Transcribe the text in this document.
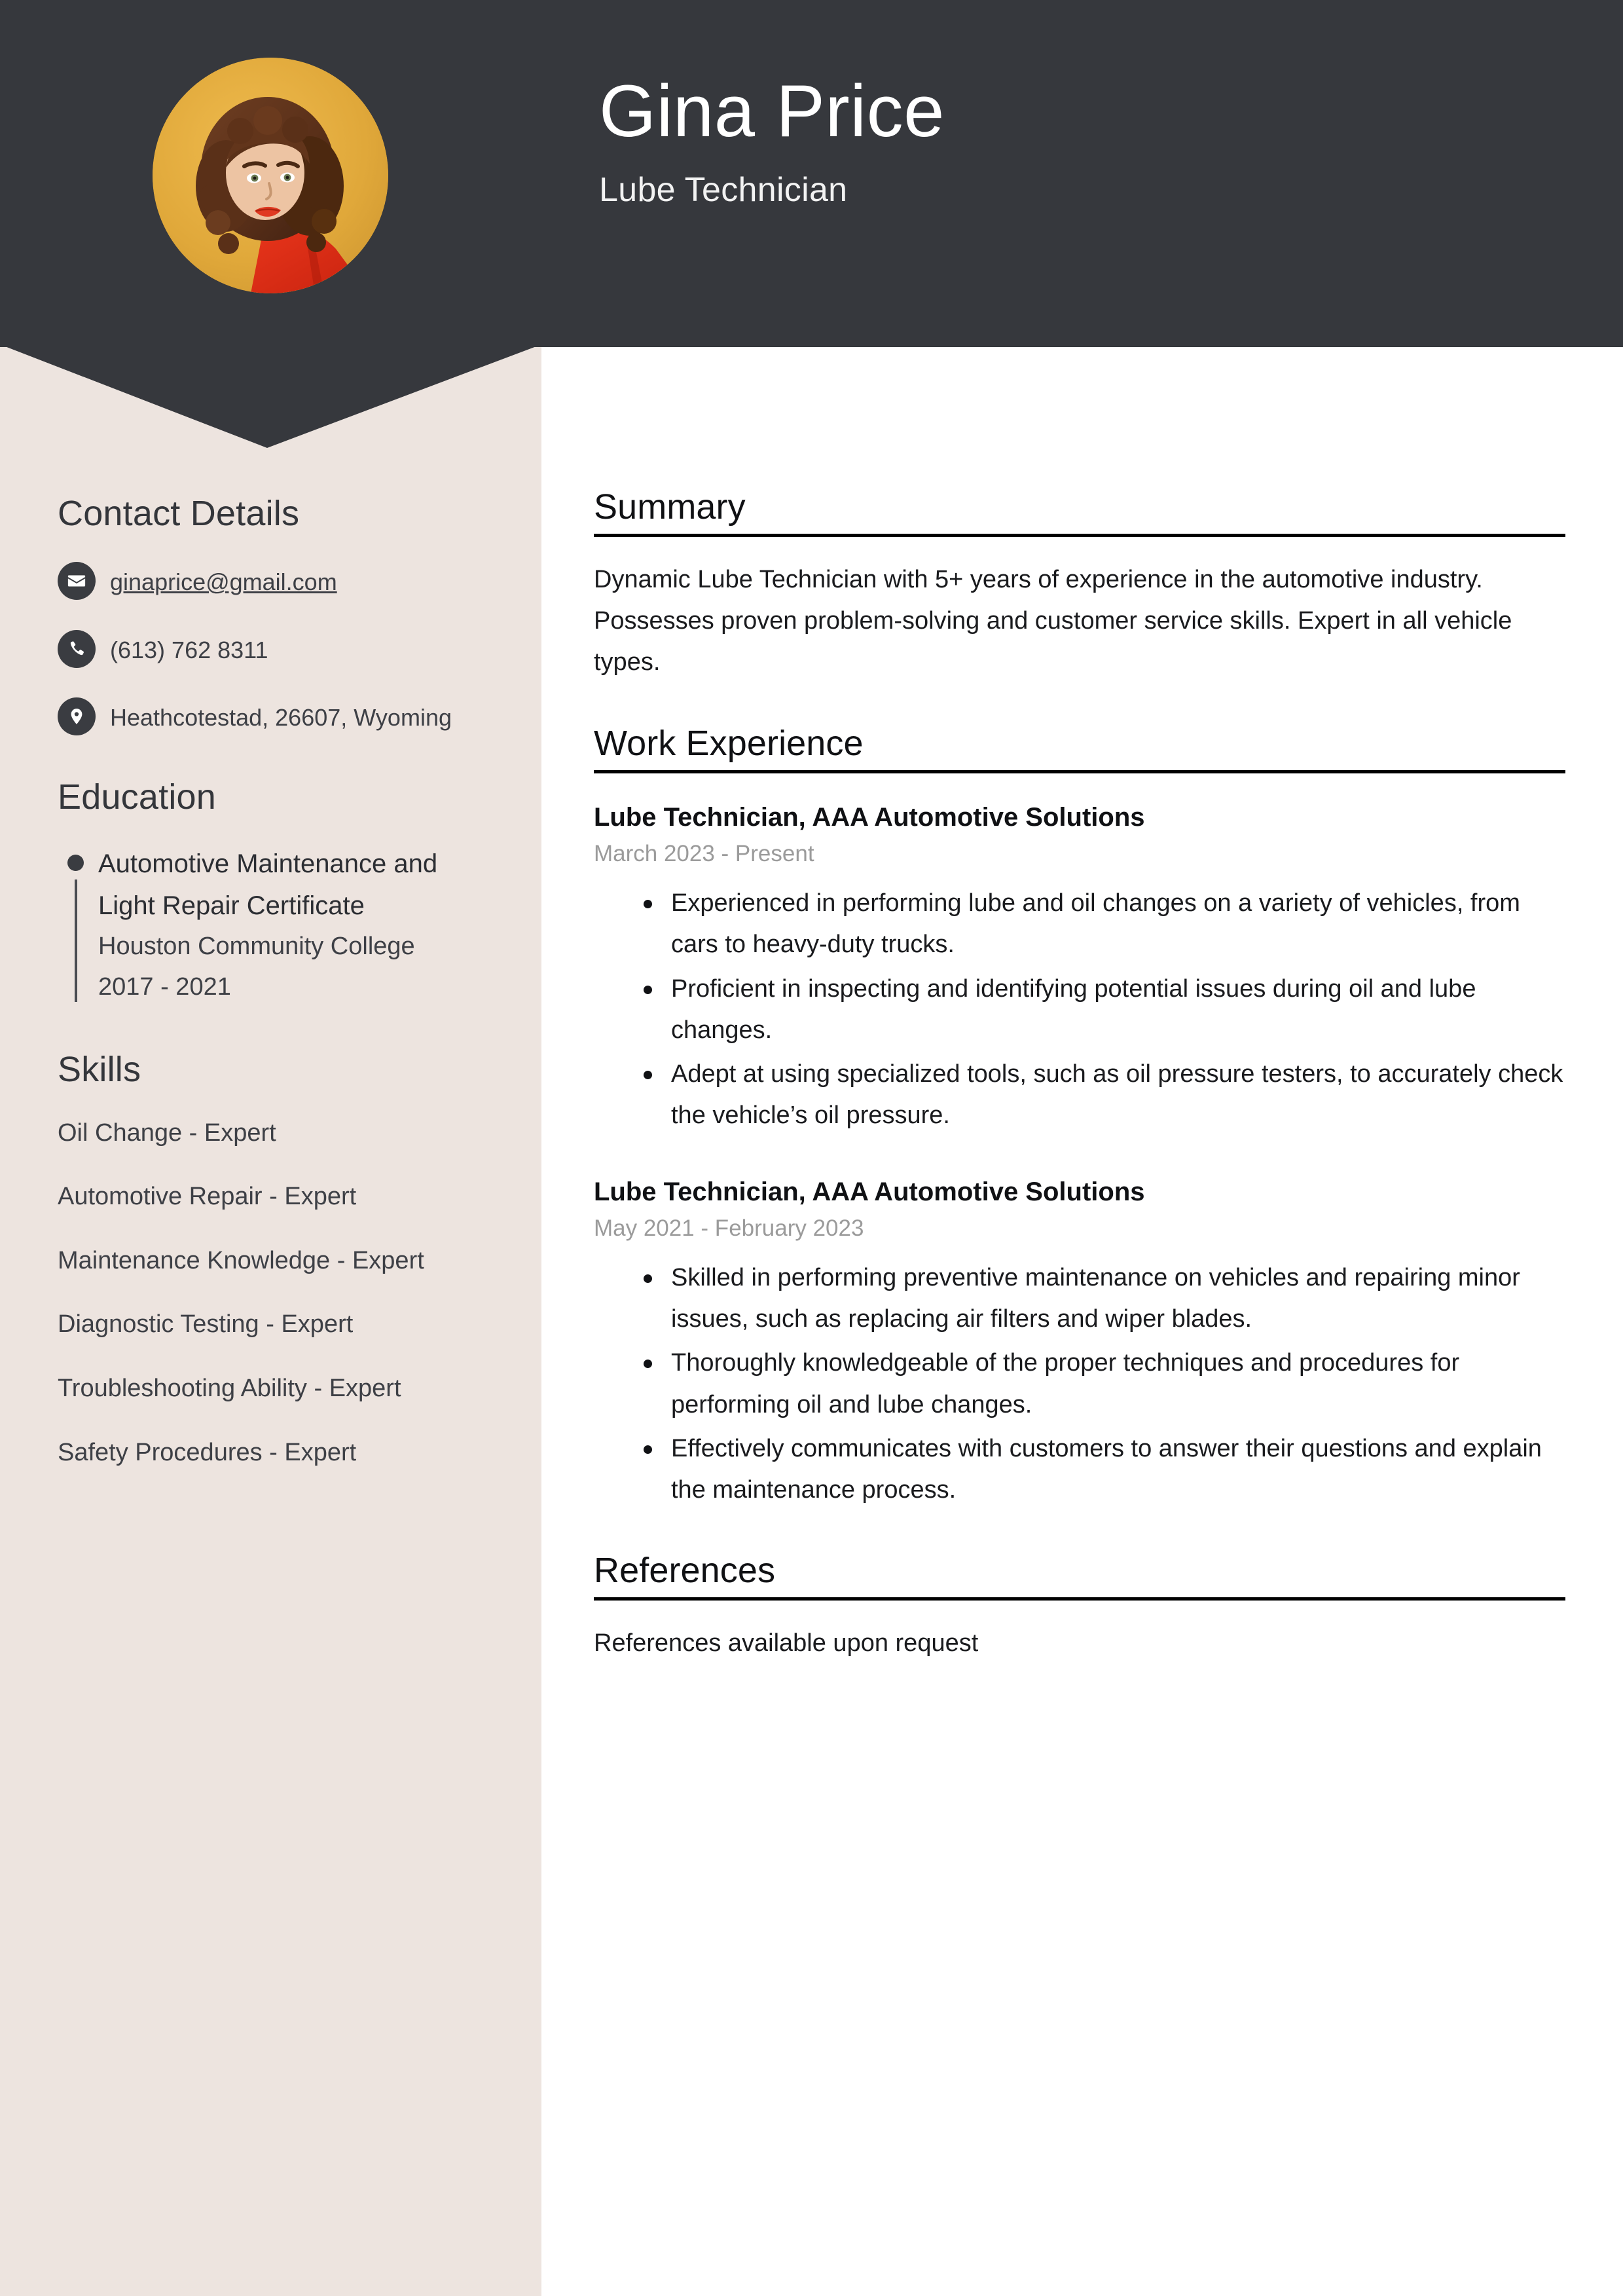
Gina Price
Lube Technician
Contact Details
ginaprice@gmail.com
(613) 762 8311
Heathcotestad, 26607, Wyoming
Education
Automotive Maintenance and Light Repair Certificate
Houston Community College
2017 - 2021
Skills
Oil Change - Expert
Automotive Repair - Expert
Maintenance Knowledge - Expert
Diagnostic Testing - Expert
Troubleshooting Ability - Expert
Safety Procedures - Expert
Summary
Dynamic Lube Technician with 5+ years of experience in the automotive industry. Possesses proven problem-solving and customer service skills. Expert in all vehicle types.
Work Experience
Lube Technician, AAA Automotive Solutions
March 2023 - Present
Experienced in performing lube and oil changes on a variety of vehicles, from cars to heavy-duty trucks.
Proficient in inspecting and identifying potential issues during oil and lube changes.
Adept at using specialized tools, such as oil pressure testers, to accurately check the vehicle’s oil pressure.
Lube Technician, AAA Automotive Solutions
May 2021 - February 2023
Skilled in performing preventive maintenance on vehicles and repairing minor issues, such as replacing air filters and wiper blades.
Thoroughly knowledgeable of the proper techniques and procedures for performing oil and lube changes.
Effectively communicates with customers to answer their questions and explain the maintenance process.
References
References available upon request
